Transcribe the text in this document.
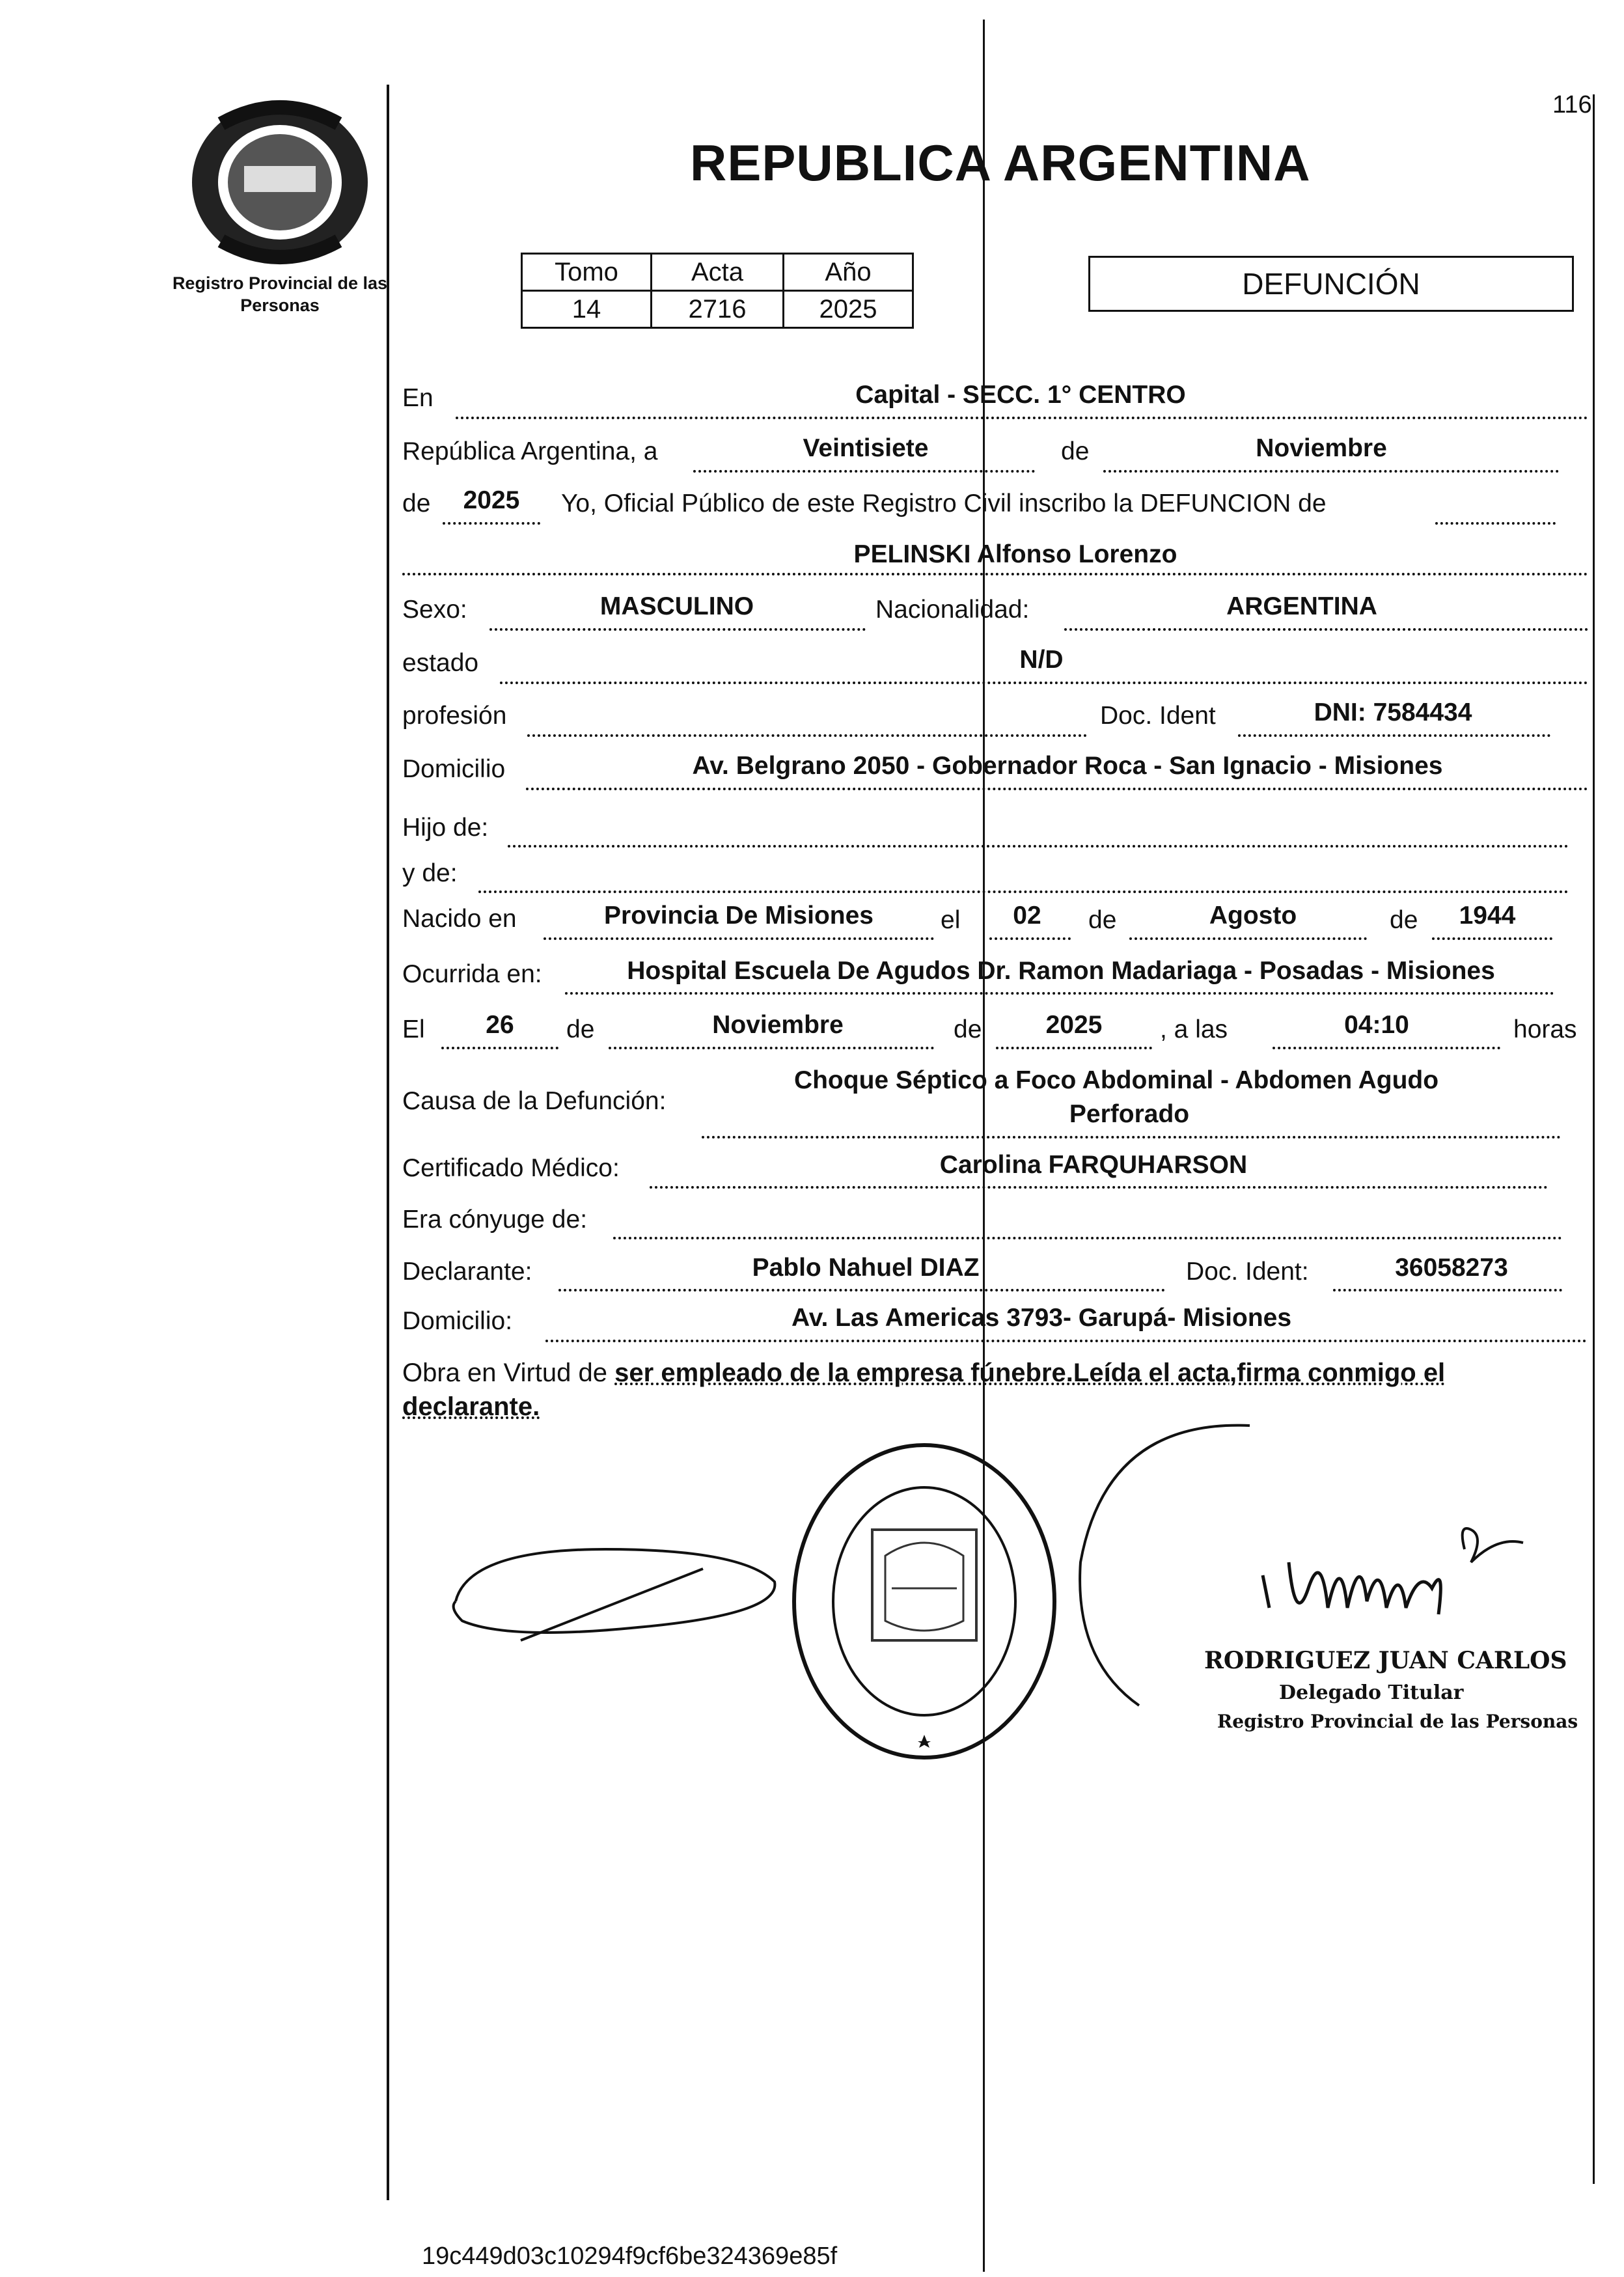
116
Registro Provincial de las Personas
REPUBLICA ARGENTINA
Tomo	Acta	Año
14	2716	2025
DEFUNCIÓN
En	Capital - SECC. 1° CENTRO
República Argentina, a	Veintisiete	de	Noviembre
de 2025 Yo, Oficial Público de este Registro Civil inscribo la DEFUNCION de
PELINSKI Alfonso Lorenzo
Sexo:	MASCULINO	Nacionalidad:	ARGENTINA
estado	N/D
profesión	Doc. Ident	DNI: 7584434
Domicilio	Av. Belgrano 2050 - Gobernador Roca - San Ignacio - Misiones
Hijo de:
y de:
Nacido en	Provincia De Misiones	el 02 de	Agosto	de 1944
Ocurrida en:	Hospital Escuela De Agudos Dr. Ramon Madariaga - Posadas - Misiones
El 26 de	Noviembre	de	2025 , a las	04:10	horas
Causa de la Defunción:
Choque Séptico a Foco Abdominal - Abdomen Agudo
Perforado
Certificado Médico:	Carolina FARQUHARSON
Era cónyuge de:
Declarante:	Pablo Nahuel DIAZ	Doc. Ident:	36058273
Domicilio:	Av. Las Americas 3793- Garupá- Misiones
Obra en Virtud de ser empleado de la empresa fúnebre.Leída el acta,firma conmigo el declarante.
RODRIGUEZ JUAN CARLOS
Delegado Titular
Registro Provincial de las Personas
19c449d03c10294f9cf6be324369e85f
